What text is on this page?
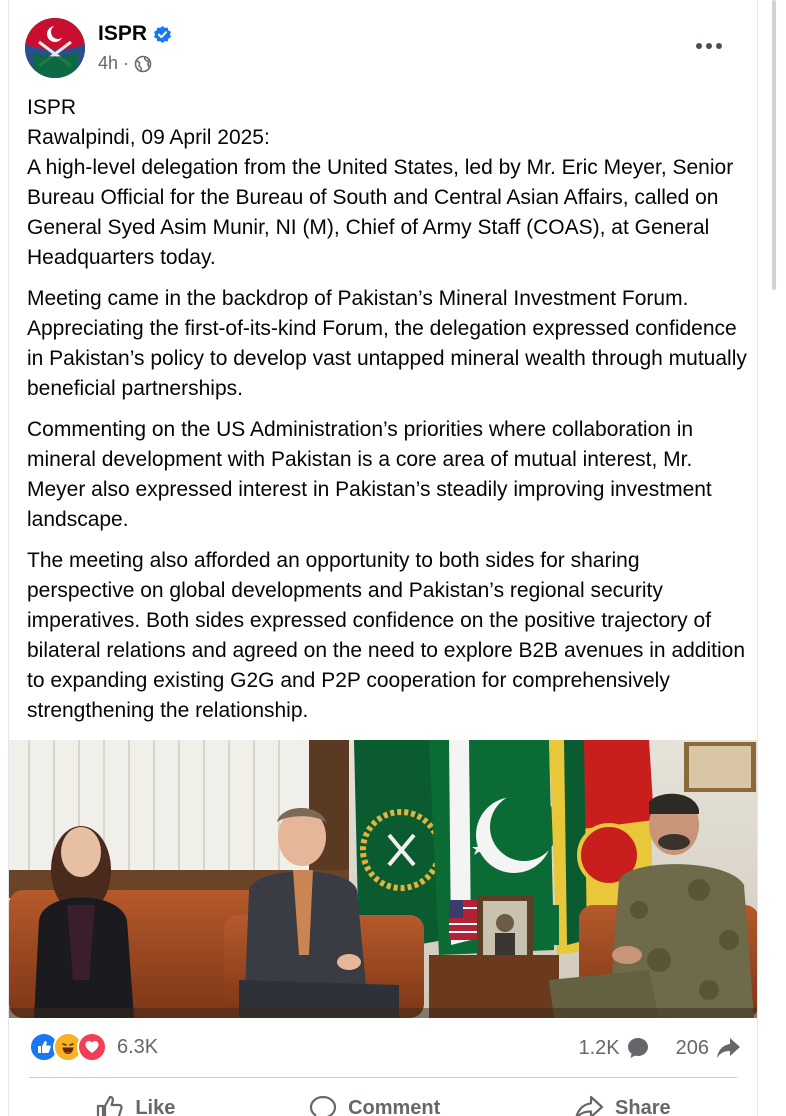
ISPR
4h ·

ISPR
Rawalpindi, 09 April 2025:
A high-level delegation from the United States, led by Mr. Eric Meyer, Senior Bureau Official for the Bureau of South and Central Asian Affairs, called on General Syed Asim Munir, NI (M), Chief of Army Staff (COAS), at General Headquarters today.

Meeting came in the backdrop of Pakistan’s Mineral Investment Forum. Appreciating the first-of-its-kind Forum, the delegation expressed confidence in Pakistan’s policy to develop vast untapped mineral wealth through mutually beneficial partnerships.

Commenting on the US Administration’s priorities where collaboration in mineral development with Pakistan is a core area of mutual interest, Mr. Meyer also expressed interest in Pakistan’s steadily improving investment landscape.

The meeting also afforded an opportunity to both sides for sharing perspective on global developments and Pakistan’s regional security imperatives. Both sides expressed confidence on the positive trajectory of bilateral relations and agreed on the need to explore B2B avenues in addition to expanding existing G2G and P2P cooperation for comprehensively strengthening the relationship.

6.3K	1.2K	206
Like	Comment	Share
